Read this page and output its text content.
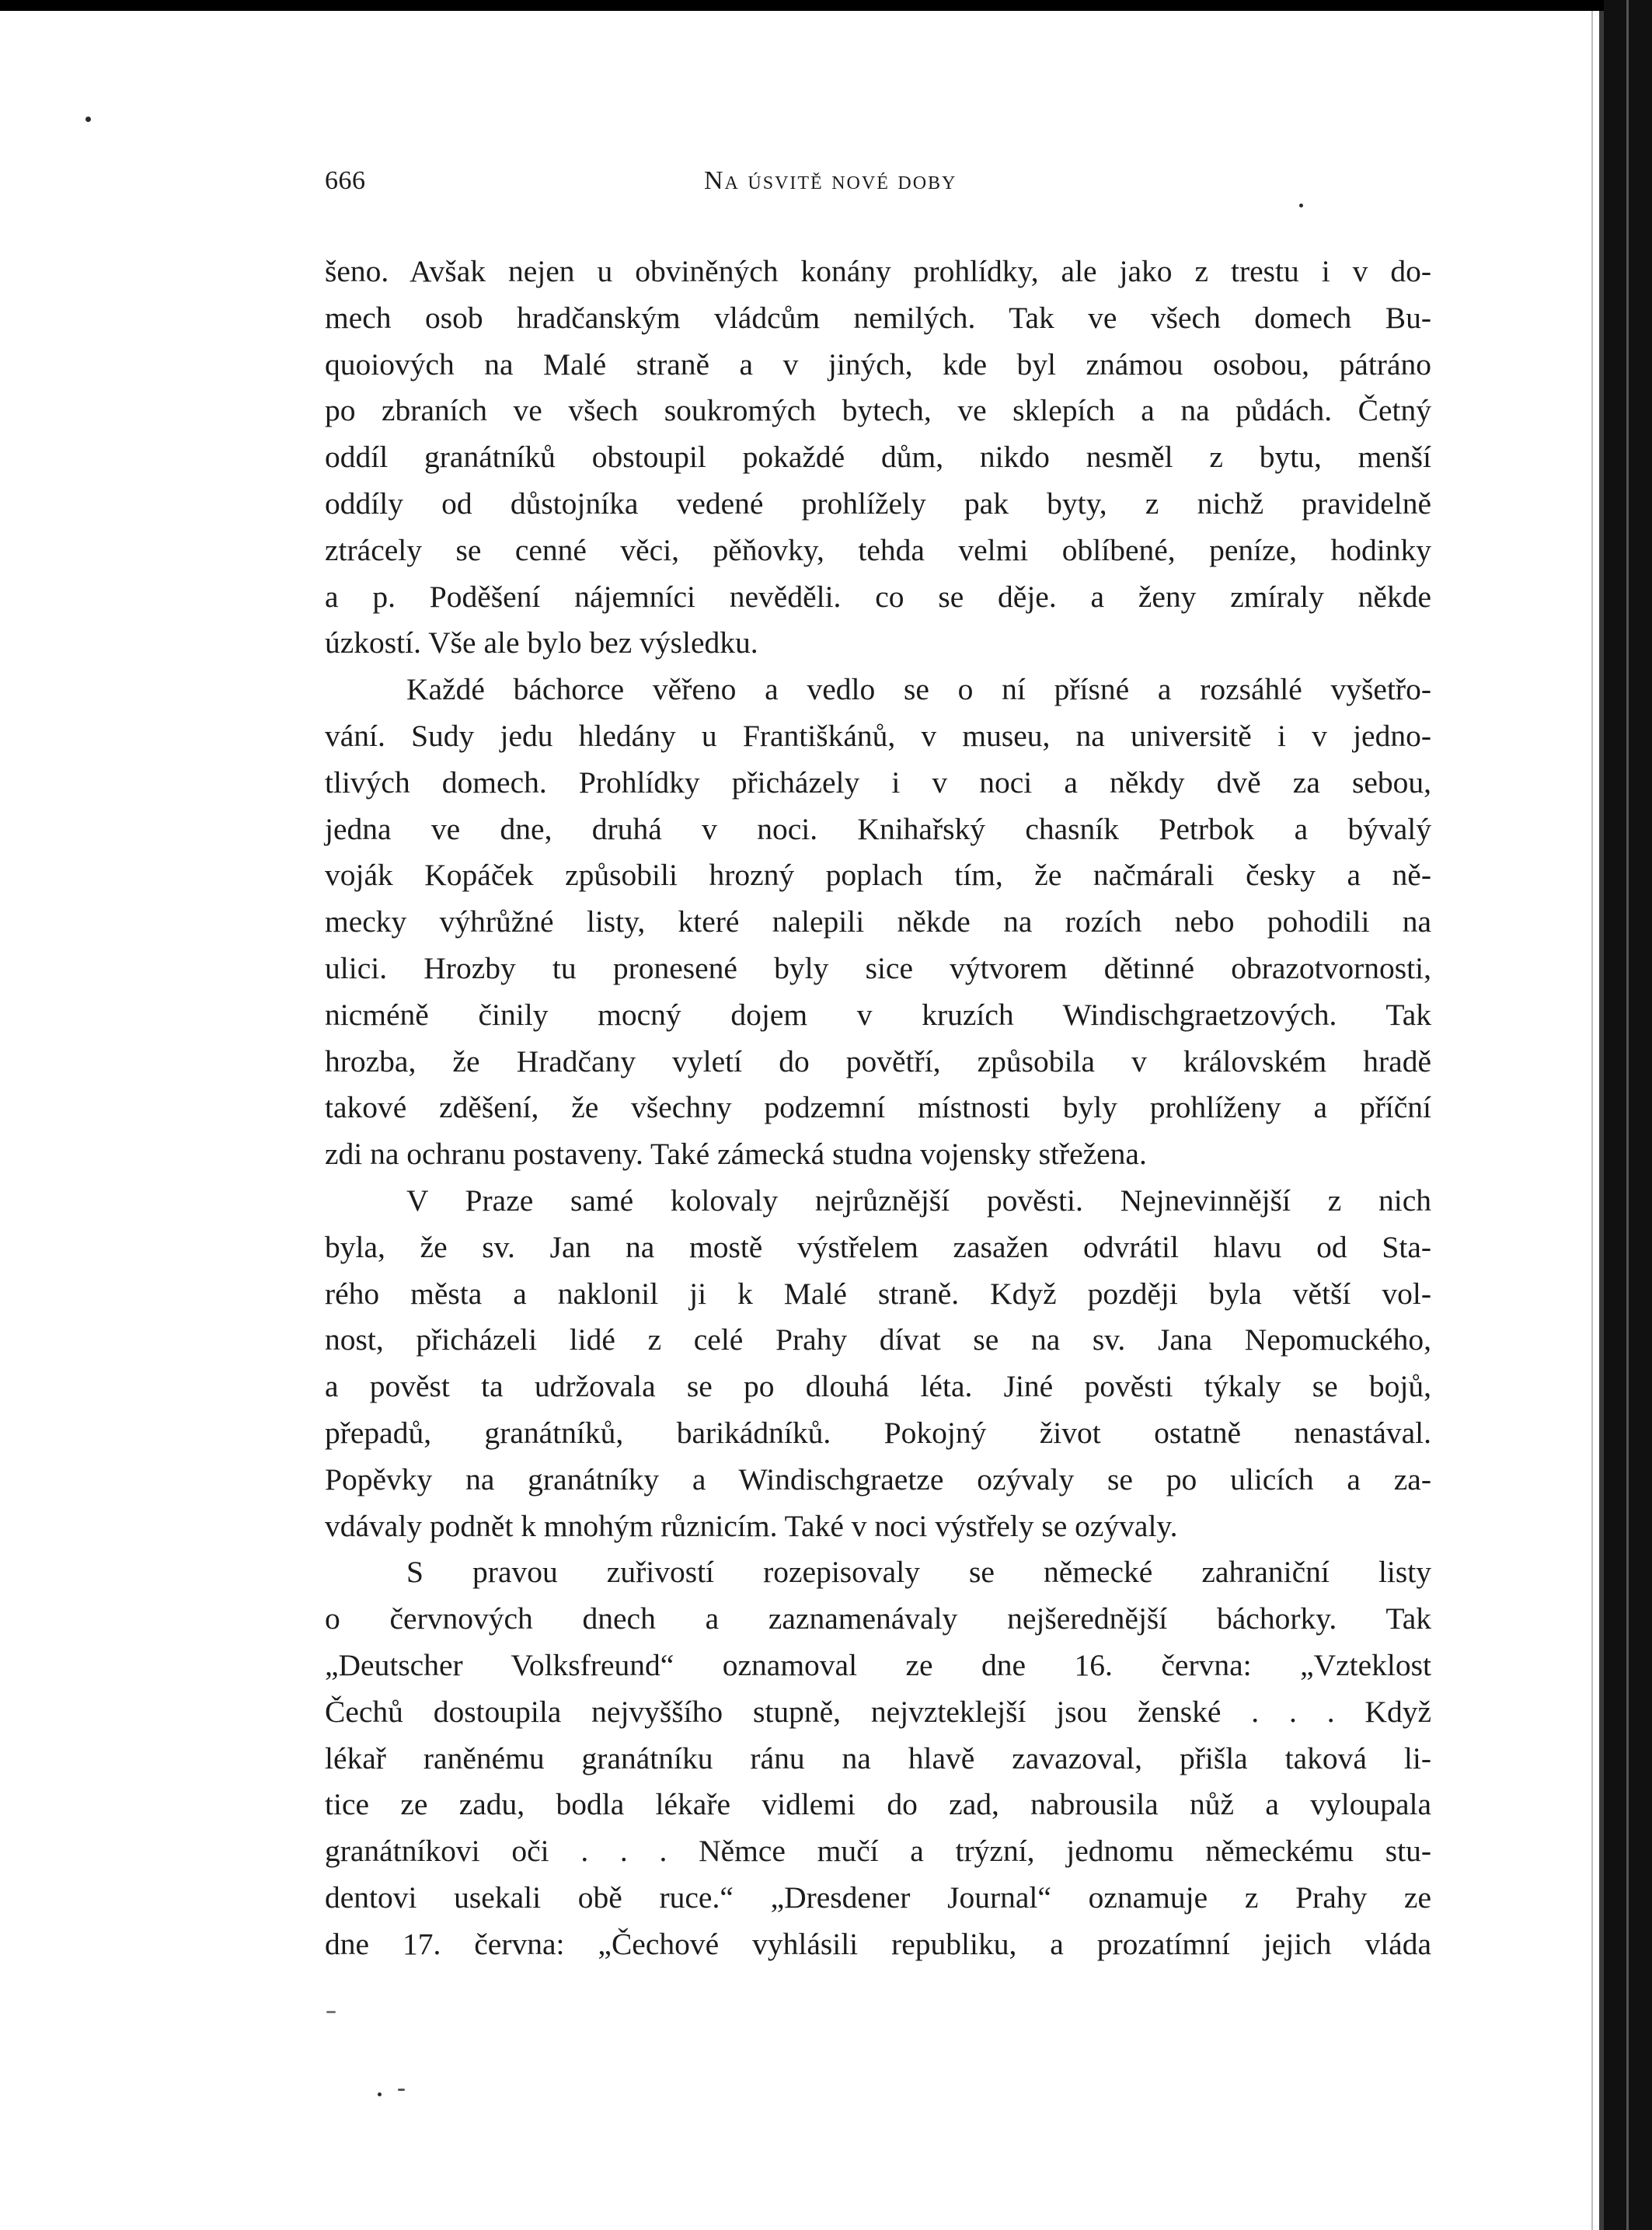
666	Na úsvitě nové doby
šeno. Avšak nejen u obviněných konány prohlídky, ale jako z trestu i v do-
mech osob hradčanským vládcům nemilých. Tak ve všech domech Bu-
quoiových na Malé straně a v jiných, kde byl známou osobou, pátráno
po zbraních ve všech soukromých bytech, ve sklepích a na půdách. Četný
oddíl granátníků obstoupil pokaždé dům, nikdo nesměl z bytu, menší
oddíly od důstojníka vedené prohlížely pak byty, z nichž pravidelně
ztrácely se cenné věci, pěňovky, tehda velmi oblíbené, peníze, hodinky
a p. Poděšení nájemníci nevěděli. co se děje. a ženy zmíraly někde
úzkostí. Vše ale bylo bez výsledku.
Každé báchorce věřeno a vedlo se o ní přísné a rozsáhlé vyšetřo-
vání. Sudy jedu hledány u Františkánů, v museu, na universitě i v jedno-
tlivých domech. Prohlídky přicházely i v noci a někdy dvě za sebou,
jedna ve dne, druhá v noci. Knihařský chasník Petrbok a bývalý
voják Kopáček způsobili hrozný poplach tím, že načmárali česky a ně-
mecky výhrůžné listy, které nalepili někde na rozích nebo pohodili na
ulici. Hrozby tu pronesené byly sice výtvorem dětinné obrazotvornosti,
nicméně činily mocný dojem v kruzích Windischgraetzových. Tak
hrozba, že Hradčany vyletí do povětří, způsobila v královském hradě
takové zděšení, že všechny podzemní místnosti byly prohlíženy a příční
zdi na ochranu postaveny. Také zámecká studna vojensky střežena.
V Praze samé kolovaly nejrůznější pověsti. Nejnevinnější z nich
byla, že sv. Jan na mostě výstřelem zasažen odvrátil hlavu od Sta-
rého města a naklonil ji k Malé straně. Když později byla větší vol-
nost, přicházeli lidé z celé Prahy dívat se na sv. Jana Nepomuckého,
a pověst ta udržovala se po dlouhá léta. Jiné pověsti týkaly se bojů,
přepadů, granátníků, barikádníků. Pokojný život ostatně nenastával.
Popěvky na granátníky a Windischgraetze ozývaly se po ulicích a za-
vdávaly podnět k mnohým různicím. Také v noci výstřely se ozývaly.
S pravou zuřivostí rozepisovaly se německé zahraniční listy
o červnových dnech a zaznamenávaly nejšerednější báchorky. Tak
„Deutscher Volksfreund“ oznamoval ze dne 16. června: „Vzteklost
Čechů dostoupila nejvyššího stupně, nejvzteklejší jsou ženské . . . Když
lékař raněnému granátníku ránu na hlavě zavazoval, přišla taková li-
tice ze zadu, bodla lékaře vidlemi do zad, nabrousila nůž a vyloupala
granátníkovi oči . . . Němce mučí a trýzní, jednomu německému stu-
dentovi usekali obě ruce.“ „Dresdener Journal“ oznamuje z Prahy ze
dne 17. června: „Čechové vyhlásili republiku, a prozatímní jejich vláda
